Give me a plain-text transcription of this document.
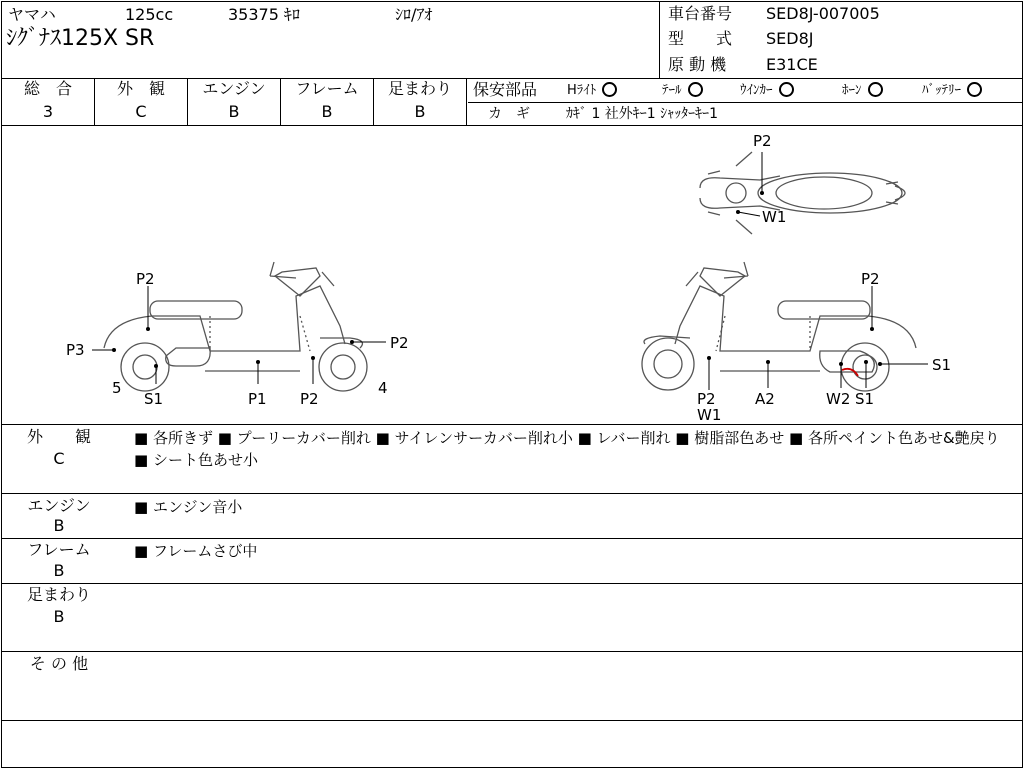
ヤマハ	125cc	35375 ｷﾛ	ｼﾛ/ｱｵ
ｼｸﾞﾅｽ125X SR
車台番号 SED8J-007005
型　　式 SED8J
原 動 機 E31CE
総　合
3
外　観
C
エンジン
B
フレーム
B
足まわり
B
保安部品 Hﾗｲﾄ	ﾃｰﾙ	ｳｲﾝｶｰ	ﾎｰﾝ	ﾊﾞｯﾃﾘｰ
カ　ギ	ｶｷﾞ 1 社外ｷｰ1 ｼｬｯﾀｰｷｰ1
P2
W1
P2
P3	P2
5
S1	P1 P2
4
P2
S1
P2
W1
A2	W2 S1
外　　観
C
■ 各所きず ■ プーリーカバー削れ ■ サイレンサーカバー削れ小 ■ レバー削れ ■ 樹脂部色あせ ■ 各所ペイント色あせ&艶戻り ■ シート色あせ小
エンジン
B
■ エンジン音小
フレーム
B
■ フレームさび中
足まわり
B
そ の 他
